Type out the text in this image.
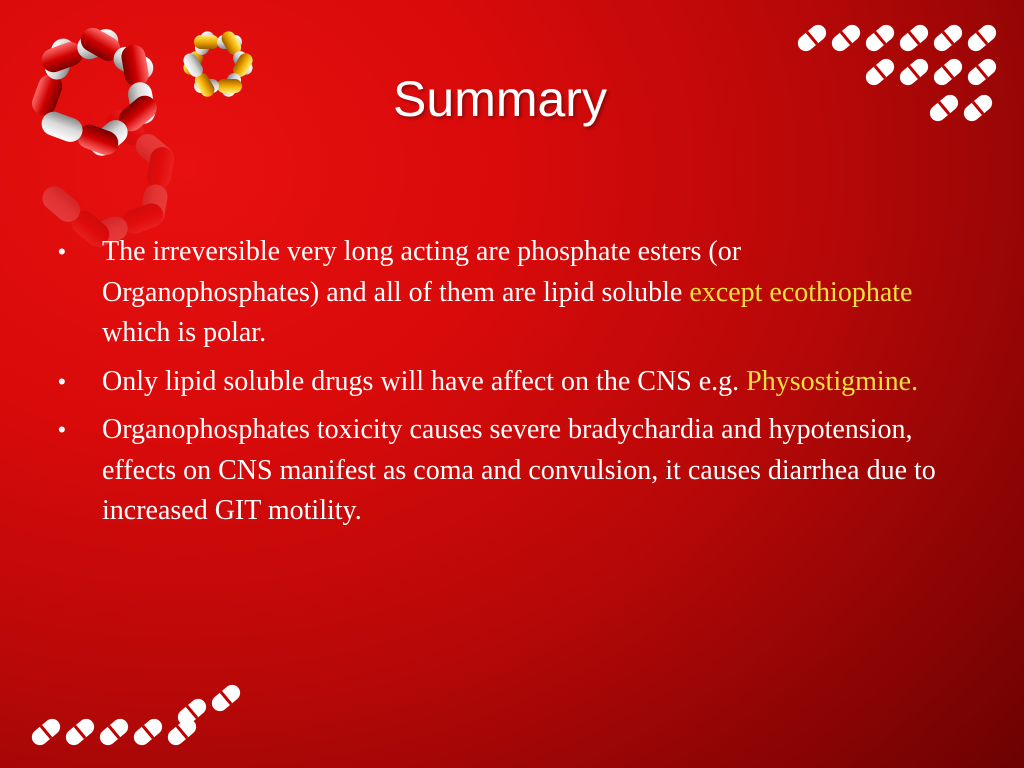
Summary
• The irreversible very long acting are phosphate esters (or Organophosphates) and all of them are lipid soluble except ecothiophate which is polar.
• Only lipid soluble drugs will have affect on the CNS e.g. Physostigmine.
• Organophosphates toxicity causes severe bradychardia and hypotension, effects on CNS manifest as coma and convulsion, it causes diarrhea due to increased GIT motility.
